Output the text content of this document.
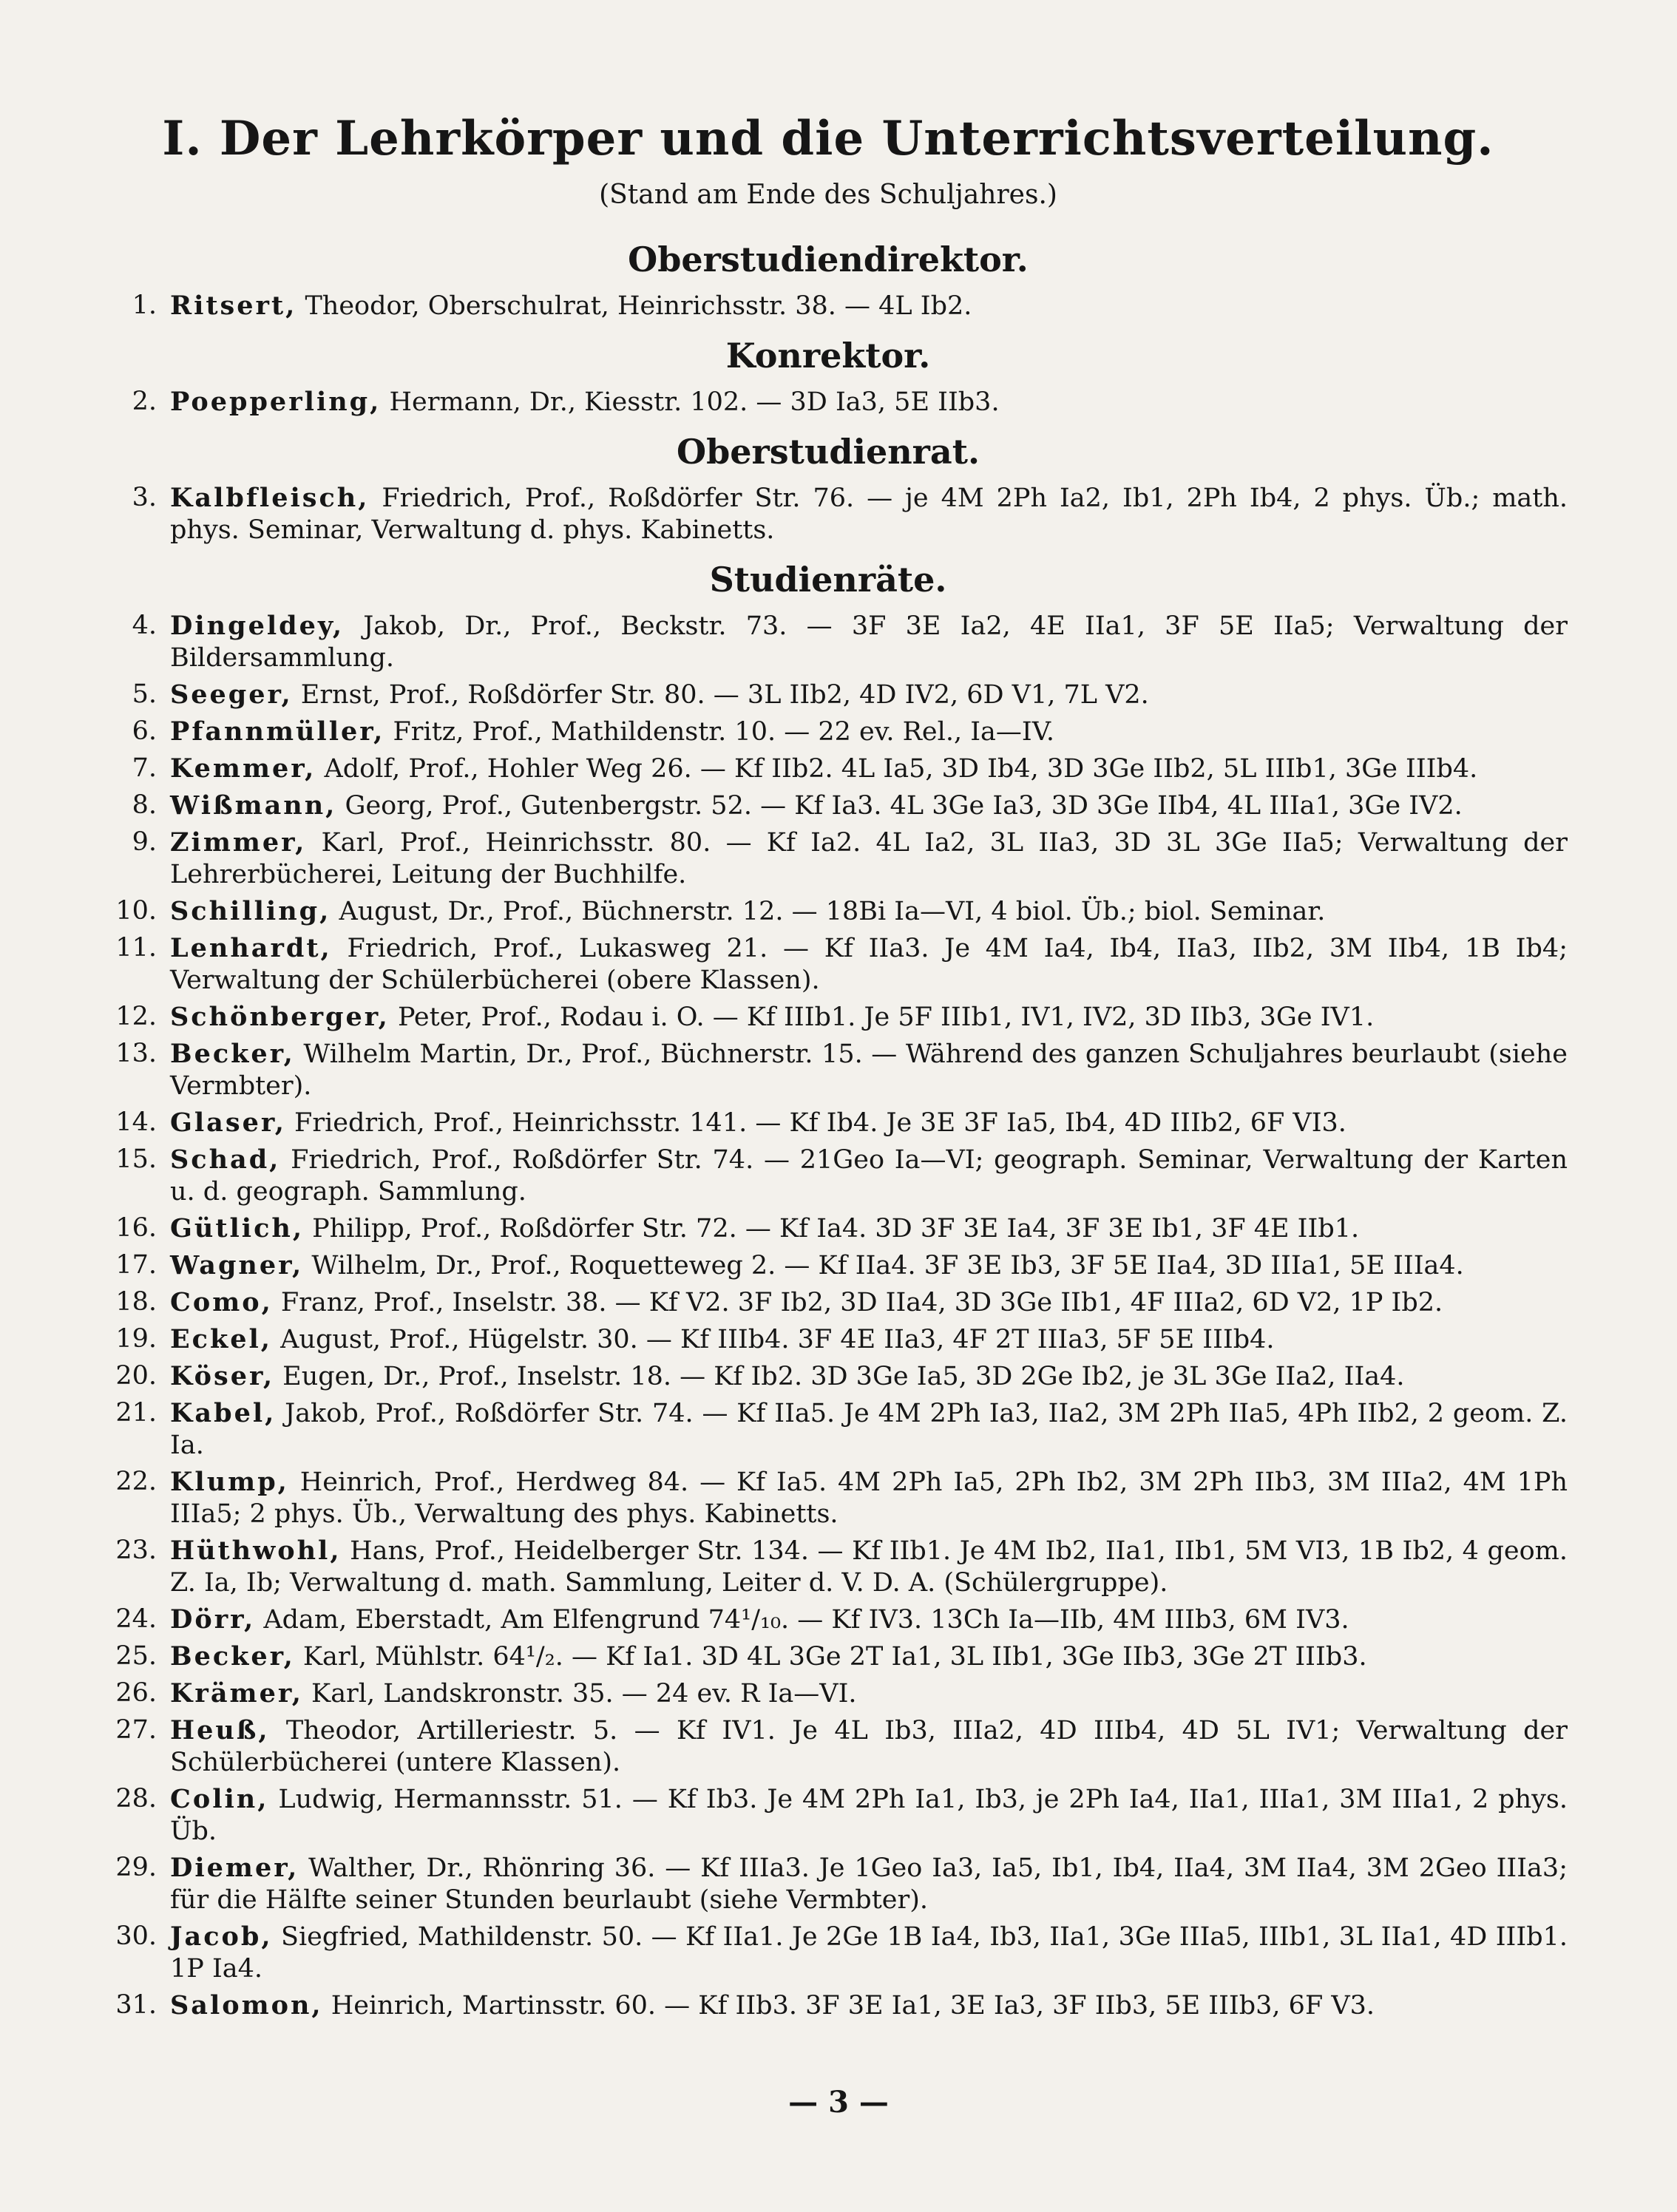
I. Der Lehrkörper und die Unterrichtsverteilung.
(Stand am Ende des Schuljahres.)
Oberstudiendirektor.
1. Ritsert, Theodor, Oberschulrat, Heinrichsstr. 38. — 4L Ib2.
Konrektor.
2. Poepperling, Hermann, Dr., Kiesstr. 102. — 3D Ia3, 5E IIb3.
Oberstudienrat.
3. Kalbfleisch, Friedrich, Prof., Roßdörfer Str. 76. — je 4M 2Ph Ia2, Ib1, 2Ph Ib4, 2 phys. Üb.; math. phys. Seminar, Verwaltung d. phys. Kabinetts.
Studienräte.
4. Dingeldey, Jakob, Dr., Prof., Beckstr. 73. — 3F 3E Ia2, 4E IIa1, 3F 5E IIa5; Verwaltung der Bildersammlung.
5. Seeger, Ernst, Prof., Roßdörfer Str. 80. — 3L IIb2, 4D IV2, 6D V1, 7L V2.
6. Pfannmüller, Fritz, Prof., Mathildenstr. 10. — 22 ev. Rel., Ia—IV.
7. Kemmer, Adolf, Prof., Hohler Weg 26. — Kf IIb2. 4L Ia5, 3D Ib4, 3D 3Ge IIb2, 5L IIIb1, 3Ge IIIb4.
8. Wißmann, Georg, Prof., Gutenbergstr. 52. — Kf Ia3. 4L 3Ge Ia3, 3D 3Ge IIb4, 4L IIIa1, 3Ge IV2.
9. Zimmer, Karl, Prof., Heinrichsstr. 80. — Kf Ia2. 4L Ia2, 3L IIa3, 3D 3L 3Ge IIa5; Verwaltung der Lehrerbücherei, Leitung der Buchhilfe.
10. Schilling, August, Dr., Prof., Büchnerstr. 12. — 18Bi Ia—VI, 4 biol. Üb.; biol. Seminar.
11. Lenhardt, Friedrich, Prof., Lukasweg 21. — Kf IIa3. Je 4M Ia4, Ib4, IIa3, IIb2, 3M IIb4, 1B Ib4; Verwaltung der Schülerbücherei (obere Klassen).
12. Schönberger, Peter, Prof., Rodau i. O. — Kf IIIb1. Je 5F IIIb1, IV1, IV2, 3D IIb3, 3Ge IV1.
13. Becker, Wilhelm Martin, Dr., Prof., Büchnerstr. 15. — Während des ganzen Schuljahres beurlaubt (siehe Vermbter).
14. Glaser, Friedrich, Prof., Heinrichsstr. 141. — Kf Ib4. Je 3E 3F Ia5, Ib4, 4D IIIb2, 6F VI3.
15. Schad, Friedrich, Prof., Roßdörfer Str. 74. — 21Geo Ia—VI; geograph. Seminar, Verwaltung der Karten u. d. geograph. Sammlung.
16. Gütlich, Philipp, Prof., Roßdörfer Str. 72. — Kf Ia4. 3D 3F 3E Ia4, 3F 3E Ib1, 3F 4E IIb1.
17. Wagner, Wilhelm, Dr., Prof., Roquetteweg 2. — Kf IIa4. 3F 3E Ib3, 3F 5E IIa4, 3D IIIa1, 5E IIIa4.
18. Como, Franz, Prof., Inselstr. 38. — Kf V2. 3F Ib2, 3D IIa4, 3D 3Ge IIb1, 4F IIIa2, 6D V2, 1P Ib2.
19. Eckel, August, Prof., Hügelstr. 30. — Kf IIIb4. 3F 4E IIa3, 4F 2T IIIa3, 5F 5E IIIb4.
20. Köser, Eugen, Dr., Prof., Inselstr. 18. — Kf Ib2. 3D 3Ge Ia5, 3D 2Ge Ib2, je 3L 3Ge IIa2, IIa4.
21. Kabel, Jakob, Prof., Roßdörfer Str. 74. — Kf IIa5. Je 4M 2Ph Ia3, IIa2, 3M 2Ph IIa5, 4Ph IIb2, 2 geom. Z. Ia.
22. Klump, Heinrich, Prof., Herdweg 84. — Kf Ia5. 4M 2Ph Ia5, 2Ph Ib2, 3M 2Ph IIb3, 3M IIIa2, 4M 1Ph IIIa5; 2 phys. Üb., Verwaltung des phys. Kabinetts.
23. Hüthwohl, Hans, Prof., Heidelberger Str. 134. — Kf IIb1. Je 4M Ib2, IIa1, IIb1, 5M VI3, 1B Ib2, 4 geom. Z. Ia, Ib; Verwaltung d. math. Sammlung, Leiter d. V. D. A. (Schülergruppe).
24. Dörr, Adam, Eberstadt, Am Elfengrund 74¹/₁₀. — Kf IV3. 13Ch Ia—IIb, 4M IIIb3, 6M IV3.
25. Becker, Karl, Mühlstr. 64¹/₂. — Kf Ia1. 3D 4L 3Ge 2T Ia1, 3L IIb1, 3Ge IIb3, 3Ge 2T IIIb3.
26. Krämer, Karl, Landskronstr. 35. — 24 ev. R Ia—VI.
27. Heuß, Theodor, Artilleriestr. 5. — Kf IV1. Je 4L Ib3, IIIa2, 4D IIIb4, 4D 5L IV1; Verwaltung der Schülerbücherei (untere Klassen).
28. Colin, Ludwig, Hermannsstr. 51. — Kf Ib3. Je 4M 2Ph Ia1, Ib3, je 2Ph Ia4, IIa1, IIIa1, 3M IIIa1, 2 phys. Üb.
29. Diemer, Walther, Dr., Rhönring 36. — Kf IIIa3. Je 1Geo Ia3, Ia5, Ib1, Ib4, IIa4, 3M IIa4, 3M 2Geo IIIa3; für die Hälfte seiner Stunden beurlaubt (siehe Vermbter).
30. Jacob, Siegfried, Mathildenstr. 50. — Kf IIa1. Je 2Ge 1B Ia4, Ib3, IIa1, 3Ge IIIa5, IIIb1, 3L IIa1, 4D IIIb1. 1P Ia4.
31. Salomon, Heinrich, Martinsstr. 60. — Kf IIb3. 3F 3E Ia1, 3E Ia3, 3F IIb3, 5E IIIb3, 6F V3.
— 3 —
